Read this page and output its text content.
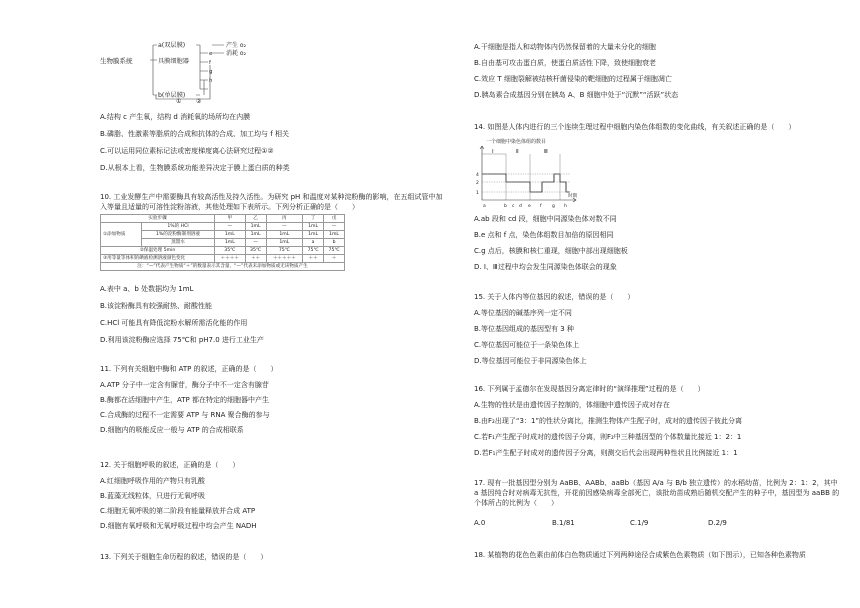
生物膜系统
a(双层膜)
具膜细胞器
b(单层膜)
e
f
g
h
产生 o₂
消耗 o₂
① ②
A.结构 c 产生氧，结构 d 消耗氧的场所均在内膜
B.磷脂、性激素等脂质的合成和抗体的合成、加工均与 f 相关
C.可以运用同位素标记法或密度梯度离心法研究过程①②
D.从根本上看，生物膜系统功能差异决定于膜上蛋白质的种类
10. 工业发酵生产中需要酶具有较高活性及持久活性。为研究 pH 和温度对某种淀粉酶的影响，在五组试管中加入等量且适量的可溶性淀粉溶液，其他处理如下表所示。下列分析正确的是（　　）
实验步骤		甲	乙	丙	丁	戊
①添加物质	1%的 HCl	—	1mL	—	1mL	—
	1%的淀粉酶制剂溶液	1mL	1mL	1mL	1mL	1mL
	蒸馏水	1mL	—	1mL	a	b
②保温处理 5min		35℃	35℃	75℃	75℃	75℃
③用等量等体积的碘液检测溶液颜色变化		＋＋＋＋	＋＋	＋＋＋＋＋	＋＋	＋
注：“—”代表产生物质“＋”的数量表示其含量，“—”代表未添加物质或无该物质产生						
A.表中 a、b 处数据均为 1mL
B.该淀粉酶具有较强耐热、耐酸性能
C.HCl 可能具有降低淀粉水解所需活化能的作用
D.利用该淀粉酶应选择 75℃和 pH7.0 进行工业生产
11. 下列有关细胞中酶和 ATP 的叙述，正确的是（　　）
A.ATP 分子中一定含有脲苷，酶分子中不一定含有腺苷
B.酶都在活细胞中产生，ATP 都在特定的细胞器中产生
C.合成酶的过程不一定需要 ATP 与 RNA 聚合酶的参与
D.细胞内的吸能反应一般与 ATP 的合成相联系
12. 关于细胞呼吸的叙述，正确的是（　　）
A.红细胞呼吸作用的产物只有乳酸
B.蓝藻无线粒体，只进行无氧呼吸
C.细胞无氧呼吸的第二阶段有能量释放并合成 ATP
D.细胞有氧呼吸和无氧呼吸过程中均会产生 NADH
13. 下列关于细胞生命历程的叙述，错误的是（　　）
A.干细胞是指人和动物体内仍然保留着的大量未分化的细胞
B.自由基可攻击蛋白质，使蛋白质活性下降，致使细胞衰老
C.效应 T 细胞裂解被结核杆菌侵染的靶细胞的过程属于细胞凋亡
D.胰岛素合成基因分别在胰岛 A、B 细胞中处于“沉默”“活跃”状态
14. 如图是人体内进行的三个连续生理过程中细胞内染色体组数的变化曲线，有关叙述正确的是（　　）
一个细胞中染色体组的数目
Ⅰ	Ⅱ	Ⅲ
4
2
1
a	b c d e f g h
时期
A.ab 段和 cd 段，细胞中同源染色体对数不同
B.e 点和 f 点，染色体组数目加倍的原因相同
C.g 点后，核膜和核仁重现，细胞中部出现细胞板
D. Ⅰ、Ⅲ过程中均会发生同源染色体联会的现象
15. 关于人体内等位基因的叙述，错误的是（　　）
A.等位基因的碱基序列一定不同
B.等位基因组成的基因型有 3 种
C.等位基因可能位于一条染色体上
D.等位基因可能位于非同源染色体上
16. 下列属于孟德尔在发现基因分离定律时的“演绎推理”过程的是（　　）
A.生物的性状是由遗传因子控制的，体细胞中遗传因子成对存在
B.由F₂出现了“3：1”的性状分离比，推测生物体产生配子时，成对的遗传因子彼此分离
C.若F₁产生配子时成对的遗传因子分离，则F₂中三种基因型的个体数量比接近 1：2：1
D.若F₁产生配子时成对的遗传因子分离，则测交后代会出现两种性状且比例接近 1：1
17. 现有一批基因型分别为 AaBB、AABb、aaBb（基因 A/a 与 B/b 独立遗传）的水稻幼苗，比例为 2：1：2，其中 a 基因纯合时对病毒无抗性，开花前因感染病毒全部死亡，该批幼苗成熟后随机交配产生的种子中，基因型为 aaBB 的个体所占的比例为（　　）
A.0	B.1/81	C.1/9	D.2/9
18. 某植物的花色色素由前体白色物质通过下列两种途径合成紫色色素物质（如下图示），已知各种色素物质
